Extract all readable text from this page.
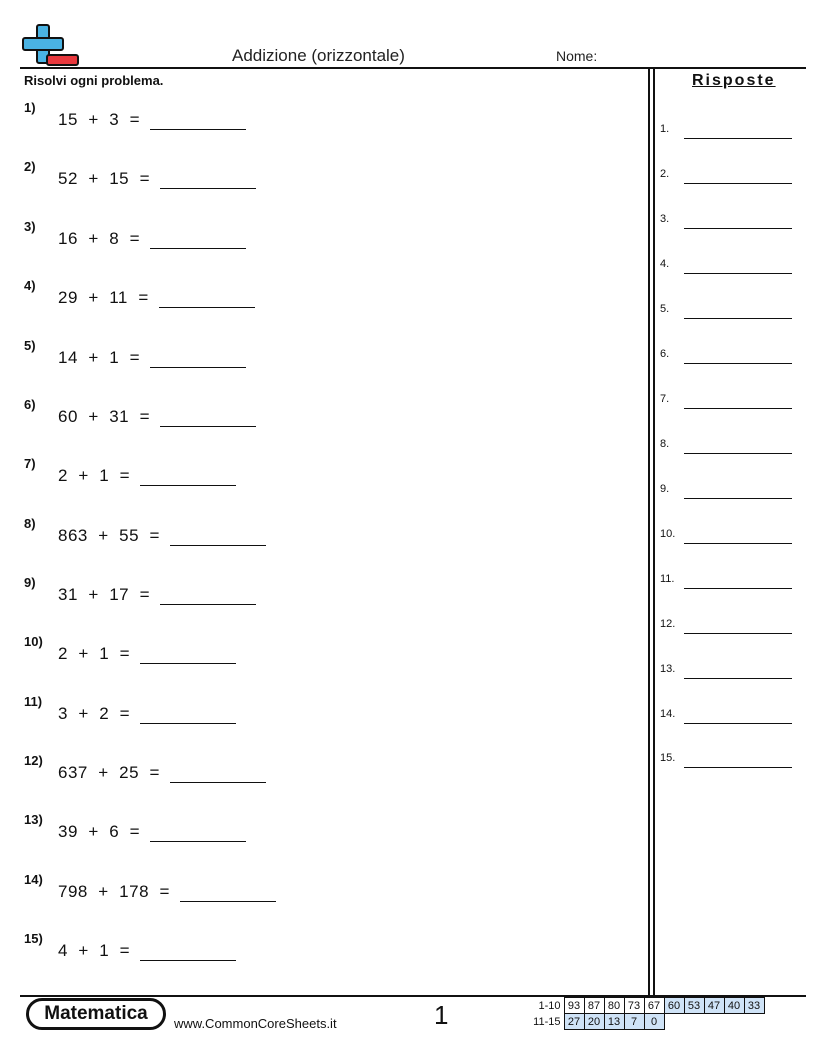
Addizione (orizzontale)	Nome:
Risolvi ogni problema.
1)
15  +  3  =
2)
52  +  15  =
3)
16  +  8  =
4)
29  +  11  =
5)
14  +  1  =
6)
60  +  31  =
7)
2  +  1  =
8)
863  +  55  =
9)
31  +  17  =
10)
2  +  1  =
11)
3  +  2  =
12)
637  +  25  =
13)
39  +  6  =
14)
798  +  178  =
15)
4  +  1  =
Risposte
1.
2.
3.
4.
5.
6.
7.
8.
9.
10.
11.
12.
13.
14.
15.
Matematica	www.CommonCoreSheets.it	1	1-10	93	87	80	73	67	60	53	47	40	33
11-15	27	20	13	7	0					
